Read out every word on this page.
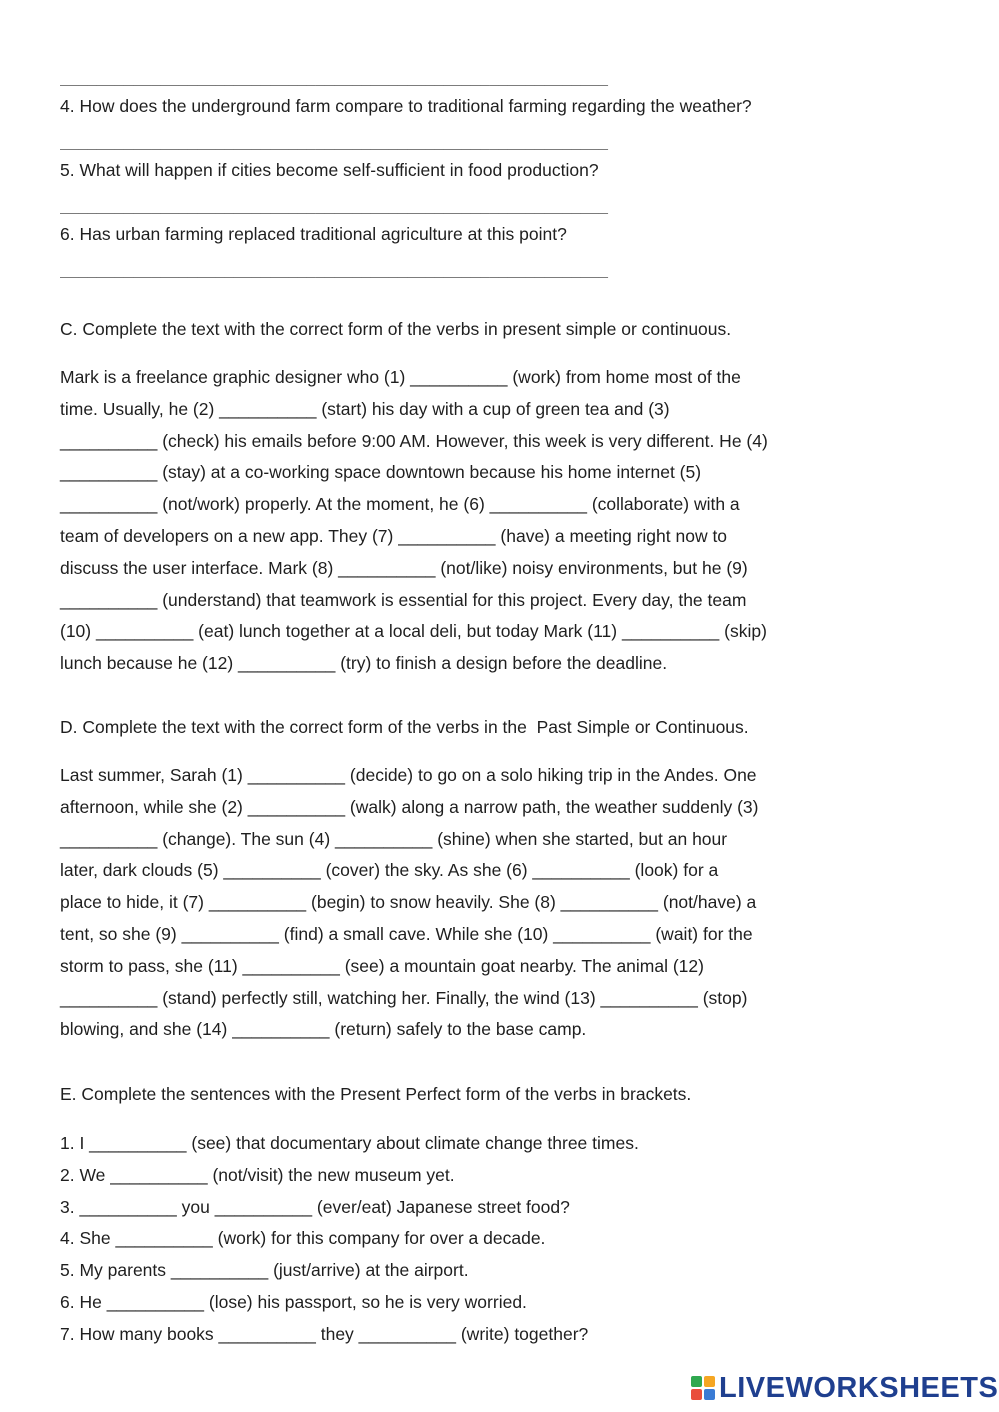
____________________________________________________________
4. How does the underground farm compare to traditional farming regarding the weather?
____________________________________________________________
5. What will happen if cities become self-sufficient in food production?
____________________________________________________________
6. Has urban farming replaced traditional agriculture at this point?
____________________________________________________________
C. Complete the text with the correct form of the verbs in present simple or continuous.
Mark is a freelance graphic designer who (1) __________ (work) from home most of the
time. Usually, he (2) __________ (start) his day with a cup of green tea and (3)
__________ (check) his emails before 9:00 AM. However, this week is very different. He (4)
__________ (stay) at a co-working space downtown because his home internet (5)
__________ (not/work) properly. At the moment, he (6) __________ (collaborate) with a
team of developers on a new app. They (7) __________ (have) a meeting right now to
discuss the user interface. Mark (8) __________ (not/like) noisy environments, but he (9)
__________ (understand) that teamwork is essential for this project. Every day, the team
(10) __________ (eat) lunch together at a local deli, but today Mark (11) __________ (skip)
lunch because he (12) __________ (try) to finish a design before the deadline.
D. Complete the text with the correct form of the verbs in the  Past Simple or Continuous.
Last summer, Sarah (1) __________ (decide) to go on a solo hiking trip in the Andes. One
afternoon, while she (2) __________ (walk) along a narrow path, the weather suddenly (3)
__________ (change). The sun (4) __________ (shine) when she started, but an hour
later, dark clouds (5) __________ (cover) the sky. As she (6) __________ (look) for a
place to hide, it (7) __________ (begin) to snow heavily. She (8) __________ (not/have) a
tent, so she (9) __________ (find) a small cave. While she (10) __________ (wait) for the
storm to pass, she (11) __________ (see) a mountain goat nearby. The animal (12)
__________ (stand) perfectly still, watching her. Finally, the wind (13) __________ (stop)
blowing, and she (14) __________ (return) safely to the base camp.
E. Complete the sentences with the Present Perfect form of the verbs in brackets.
1. I __________ (see) that documentary about climate change three times.
2. We __________ (not/visit) the new museum yet.
3. __________ you __________ (ever/eat) Japanese street food?
4. She __________ (work) for this company for over a decade.
5. My parents __________ (just/arrive) at the airport.
6. He __________ (lose) his passport, so he is very worried.
7. How many books __________ they __________ (write) together?
LIVEWORKSHEETS
